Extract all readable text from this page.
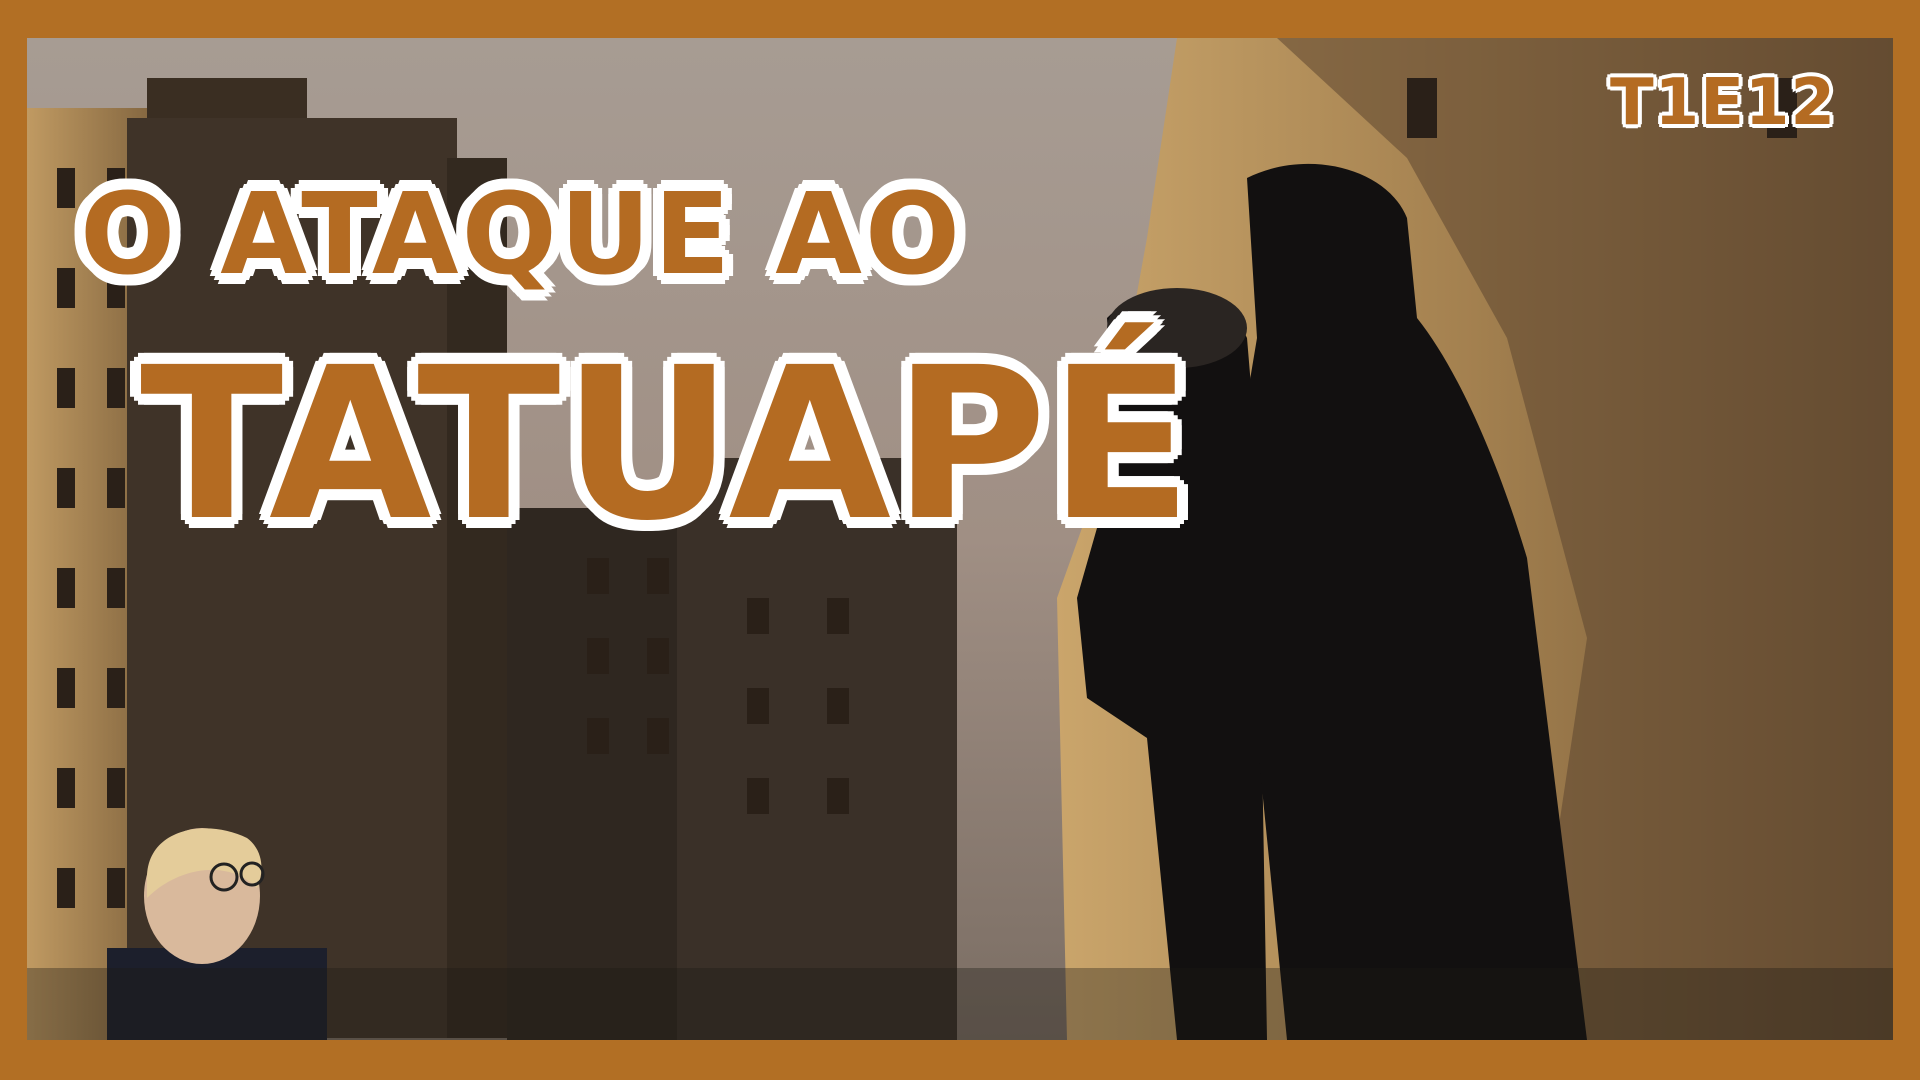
O ATAQUE AO
TATUAPÉ
T1E12
